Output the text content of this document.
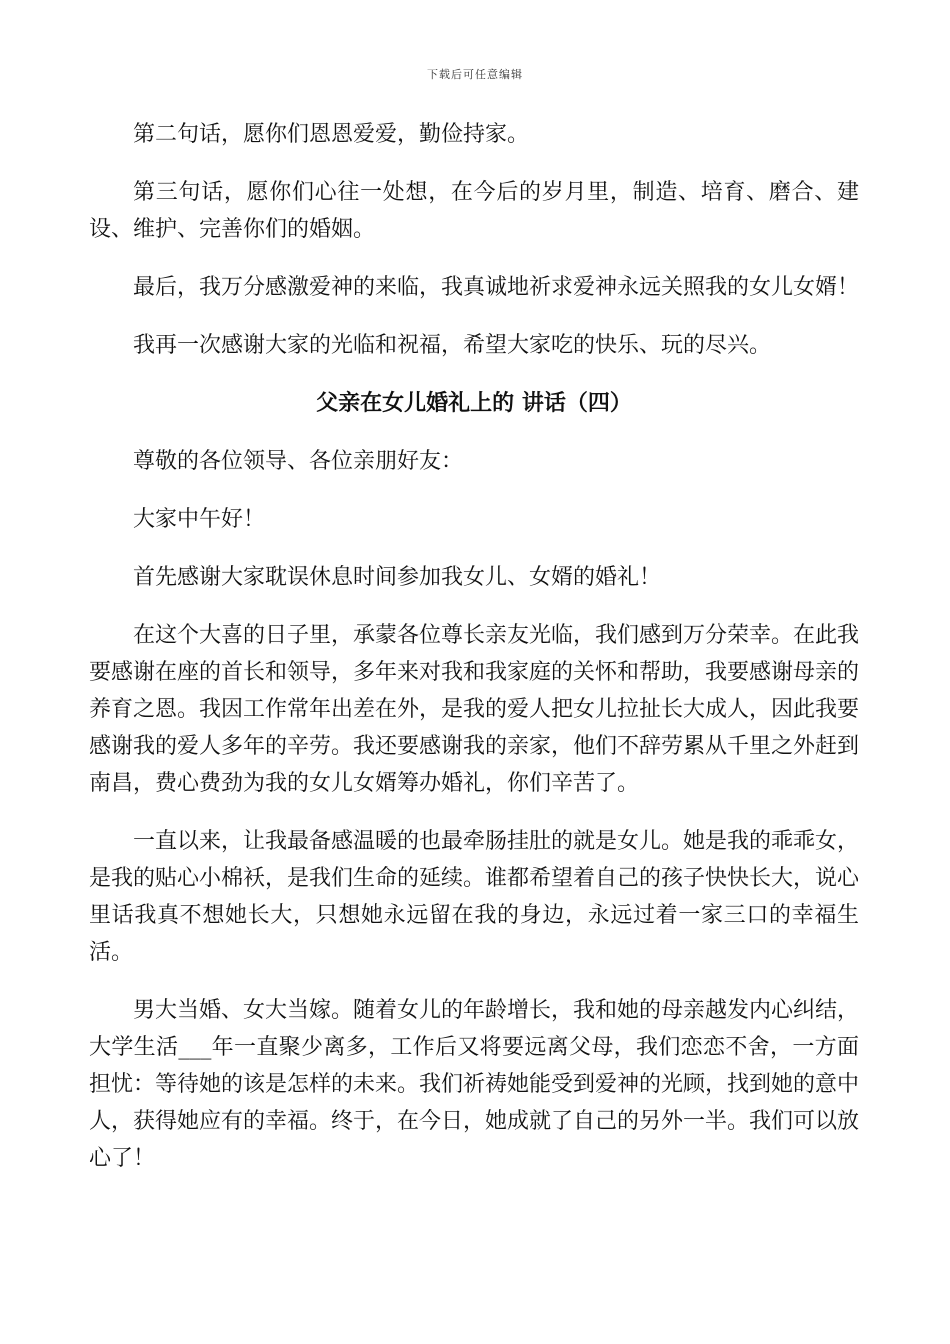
下载后可任意编辑

第二句话，愿你们恩恩爱爱，勤俭持家。

第三句话，愿你们心往一处想，在今后的岁月里，制造、培育、磨合、建设、维护、完善你们的婚姻。

最后，我万分感激爱神的来临，我真诚地祈求爱神永远关照我的女儿女婿！

我再一次感谢大家的光临和祝福，希望大家吃的快乐、玩的尽兴。

父亲在女儿婚礼上的 讲话（四）

尊敬的各位领导、各位亲朋好友：

大家中午好！

首先感谢大家耽误休息时间参加我女儿、女婿的婚礼！

在这个大喜的日子里，承蒙各位尊长亲友光临，我们感到万分荣幸。在此我要感谢在座的首长和领导，多年来对我和我家庭的关怀和帮助，我要感谢母亲的养育之恩。我因工作常年出差在外，是我的爱人把女儿拉扯长大成人，因此我要感谢我的爱人多年的辛劳。我还要感谢我的亲家，他们不辞劳累从千里之外赶到南昌，费心费劲为我的女儿女婿筹办婚礼，你们辛苦了。

一直以来，让我最备感温暖的也最牵肠挂肚的就是女儿。她是我的乖乖女，是我的贴心小棉袄，是我们生命的延续。谁都希望着自己的孩子快快长大，说心里话我真不想她长大，只想她永远留在我的身边，永远过着一家三口的幸福生活。

男大当婚、女大当嫁。随着女儿的年龄增长，我和她的母亲越发内心纠结，大学生活___年一直聚少离多，工作后又将要远离父母，我们恋恋不舍，一方面担忧：等待她的该是怎样的未来。我们祈祷她能受到爱神的光顾，找到她的意中人，获得她应有的幸福。终于，在今日，她成就了自己的另外一半。我们可以放心了！
